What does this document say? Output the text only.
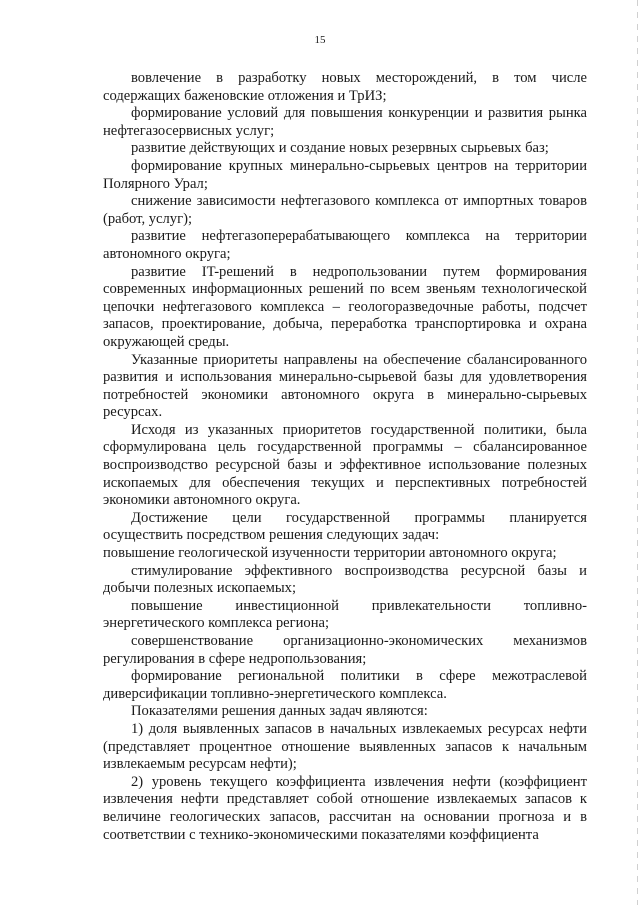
15

вовлечение в разработку новых месторождений, в том числе содержащих баженовские отложения и ТрИЗ;

формирование условий для повышения конкуренции и развития рынка нефтегазосервисных услуг;

развитие действующих и создание новых резервных сырьевых баз;

формирование крупных минерально-сырьевых центров на территории Полярного Урал;

снижение зависимости нефтегазового комплекса от импортных товаров (работ, услуг);

развитие нефтегазоперерабатывающего комплекса на территории автономного округа;

развитие IT-решений в недропользовании путем формирования современных информационных решений по всем звеньям технологической цепочки нефтегазового комплекса – геологоразведочные работы, подсчет запасов, проектирование, добыча, переработка транспортировка и охрана окружающей среды.

Указанные приоритеты направлены на обеспечение сбалансированного развития и использования минерально-сырьевой базы для удовлетворения потребностей экономики автономного округа в минерально-сырьевых ресурсах.

Исходя из указанных приоритетов государственной политики, была сформулирована цель государственной программы – сбалансированное воспроизводство ресурсной базы и эффективное использование полезных ископаемых для обеспечения текущих и перспективных потребностей экономики автономного округа.

Достижение цели государственной программы планируется осуществить посредством решения следующих задач:

повышение геологической изученности территории автономного округа;

стимулирование эффективного воспроизводства ресурсной базы и добычи полезных ископаемых;

повышение инвестиционной привлекательности топливно-энергетического комплекса региона;

совершенствование организационно-экономических механизмов регулирования в сфере недропользования;

формирование региональной политики в сфере межотраслевой диверсификации топливно-энергетического комплекса.

Показателями решения данных задач являются:

1) доля выявленных запасов в начальных извлекаемых ресурсах нефти (представляет процентное отношение выявленных запасов к начальным извлекаемым ресурсам нефти);

2) уровень текущего коэффициента извлечения нефти (коэффициент извлечения нефти представляет собой отношение извлекаемых запасов к величине геологических запасов, рассчитан на основании прогноза и в соответствии с технико-экономическими показателями коэффициента
